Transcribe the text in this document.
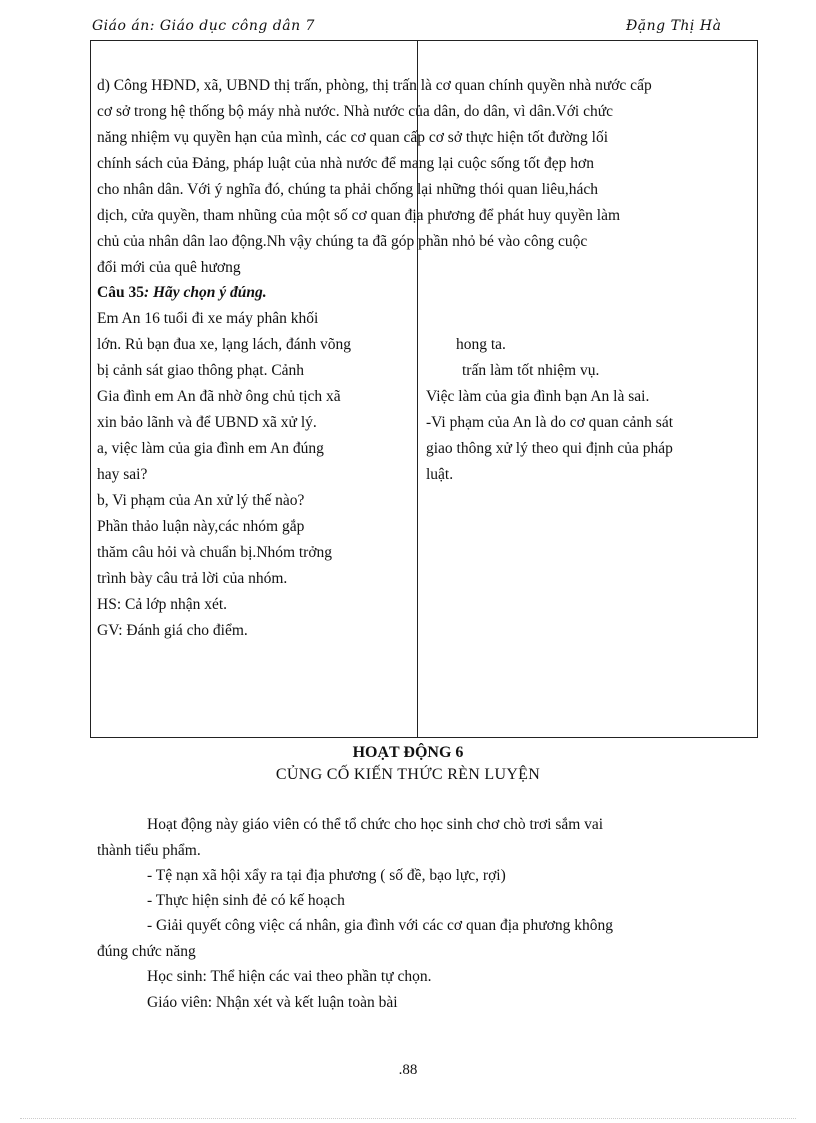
Giáo án: Giáo dục công dân 7	Đặng Thị Hà
d) Công HĐND, xã, UBND thị trấn, phòng, thị trấn là cơ quan chính quyền nhà nước cấp
cơ sở trong hệ thống bộ máy nhà nước. Nhà nước của dân, do dân, vì dân.Với chức
năng nhiệm vụ quyền hạn của mình, các cơ quan cấp cơ sở thực hiện tốt đường lối
chính sách của Đảng, pháp luật của nhà nước để mang lại cuộc sống tốt đẹp hơn
cho nhân dân. Với ý nghĩa đó, chúng ta phải chống lại những thói quan liêu,hách
dịch, cửa quyền, tham nhũng của một số cơ quan địa phương để phát huy quyền làm
chủ của nhân dân lao động.Nh vậy chúng ta đã góp phần nhỏ bé vào công cuộc
đổi mới của quê hương
Câu 35: Hãy chọn ý đúng.
Em An 16 tuổi đi xe máy phân khối
lớn. Rủ bạn đua xe, lạng lách, đánh võng
bị cảnh sát giao thông phạt. Cảnh
Gia đình em An đã nhờ ông chủ tịch xã
xin bảo lãnh và để UBND xã xử lý.
a, việc làm của gia đình em An đúng
hay sai?
b, Vi phạm của An xử lý thế nào?
Phần thảo luận này,các nhóm gắp
thăm câu hỏi và chuẩn bị.Nhóm trởng
trình bày câu trả lời của nhóm.
HS: Cả lớp nhận xét.
GV: Đánh giá cho điểm.
hong ta.
trấn làm tốt nhiệm vụ.
Việc làm của gia đình bạn An là sai.
-Vi phạm của An là do cơ quan cảnh sát
giao thông xử lý theo qui định của pháp
luật.
HOẠT ĐỘNG 6
CỦNG CỐ KIẾN THỨC RÈN LUYỆN
Hoạt động này giáo viên có thể tổ chức cho học sinh chơ chò trơi sắm vai
thành tiểu phẩm.
- Tệ nạn xã hội xẩy ra tại địa phương ( số đề, bạo lực, rợi)
- Thực hiện sinh đẻ có kế hoạch
- Giải quyết công việc cá nhân, gia đình với các cơ quan địa phương không
đúng chức năng
Học sinh: Thể hiện các vai theo phần tự chọn.
Giáo viên: Nhận xét và kết luận toàn bài
.88
